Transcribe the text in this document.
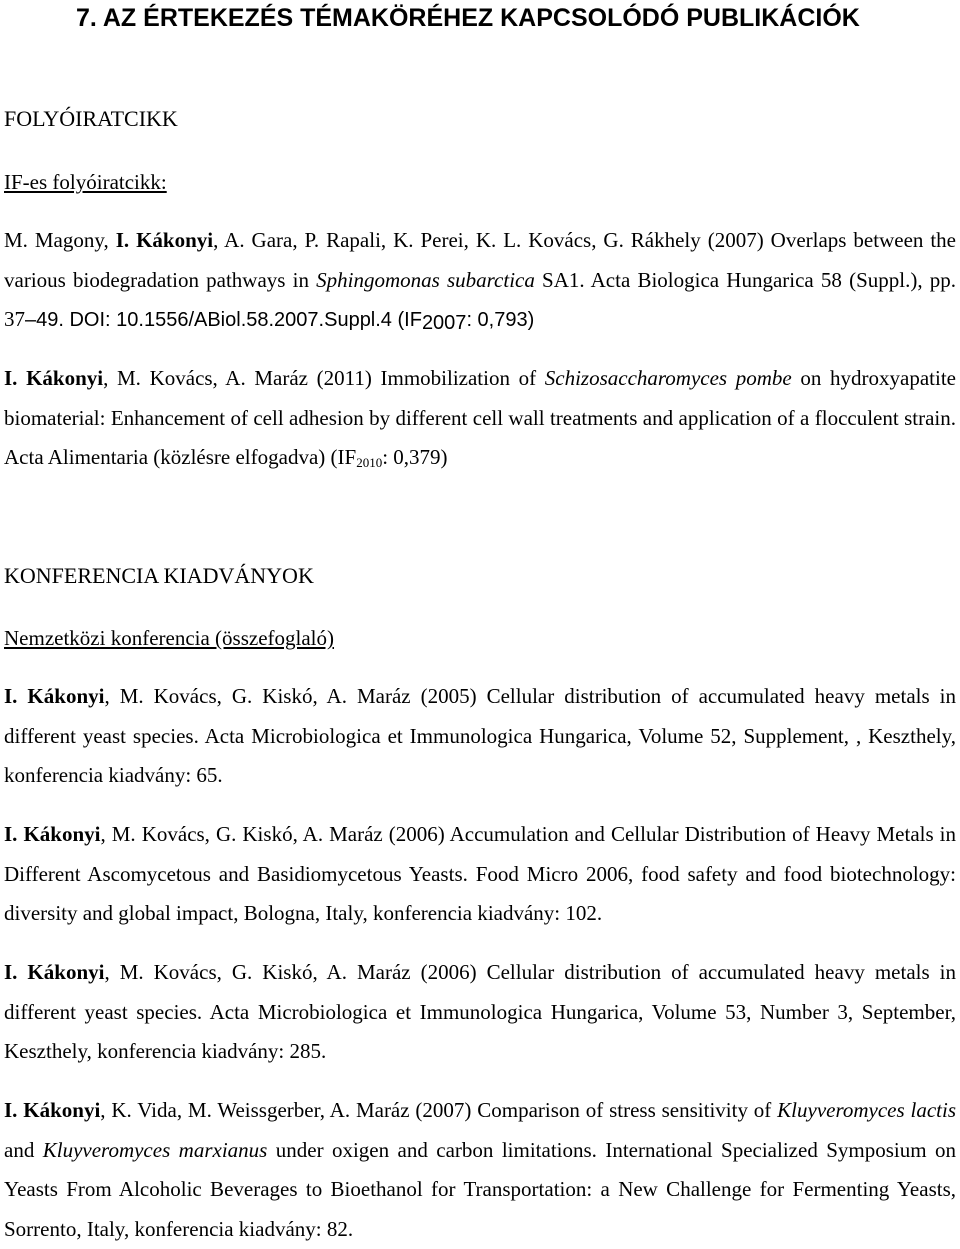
7. AZ ÉRTEKEZÉS TÉMAKÖRÉHEZ KAPCSOLÓDÓ PUBLIKÁCIÓK
FOLYÓIRATCIKK
IF-es folyóiratcikk:
M. Magony, I. Kákonyi, A. Gara, P. Rapali, K. Perei, K. L. Kovács, G. Rákhely (2007) Overlaps between the various biodegradation pathways in Sphingomonas subarctica SA1. Acta Biologica Hungarica 58 (Suppl.), pp. 37–49. DOI: 10.1556/ABiol.58.2007.Suppl.4 ($IF_{2007}$: 0,793)
I. Kákonyi, M. Kovács, A. Maráz (2011) Immobilization of Schizosaccharomyces pombe on hydroxyapatite biomaterial: Enhancement of cell adhesion by different cell wall treatments and application of a flocculent strain. Acta Alimentaria (közlésre elfogadva) ($IF_{2010}$: 0,379)
KONFERENCIA KIADVÁNYOK
Nemzetközi konferencia (összefoglaló)
I. Kákonyi, M. Kovács, G. Kiskó, A. Maráz (2005) Cellular distribution of accumulated heavy metals in different yeast species. Acta Microbiologica et Immunologica Hungarica, Volume 52, Supplement, , Keszthely, konferencia kiadvány: 65.
I. Kákonyi, M. Kovács, G. Kiskó, A. Maráz (2006) Accumulation and Cellular Distribution of Heavy Metals in Different Ascomycetous and Basidiomycetous Yeasts. Food Micro 2006, food safety and food biotechnology: diversity and global impact, Bologna, Italy, konferencia kiadvány: 102.
I. Kákonyi, M. Kovács, G. Kiskó, A. Maráz (2006) Cellular distribution of accumulated heavy metals in different yeast species. Acta Microbiologica et Immunologica Hungarica, Volume 53, Number 3, September, Keszthely, konferencia kiadvány: 285.
I. Kákonyi, K. Vida, M. Weissgerber, A. Maráz (2007) Comparison of stress sensitivity of Kluyveromyces lactis and Kluyveromyces marxianus under oxigen and carbon limitations. International Specialized Symposium on Yeasts From Alcoholic Beverages to Bioethanol for Transportation: a New Challenge for Fermenting Yeasts, Sorrento, Italy, konferencia kiadvány: 82.
